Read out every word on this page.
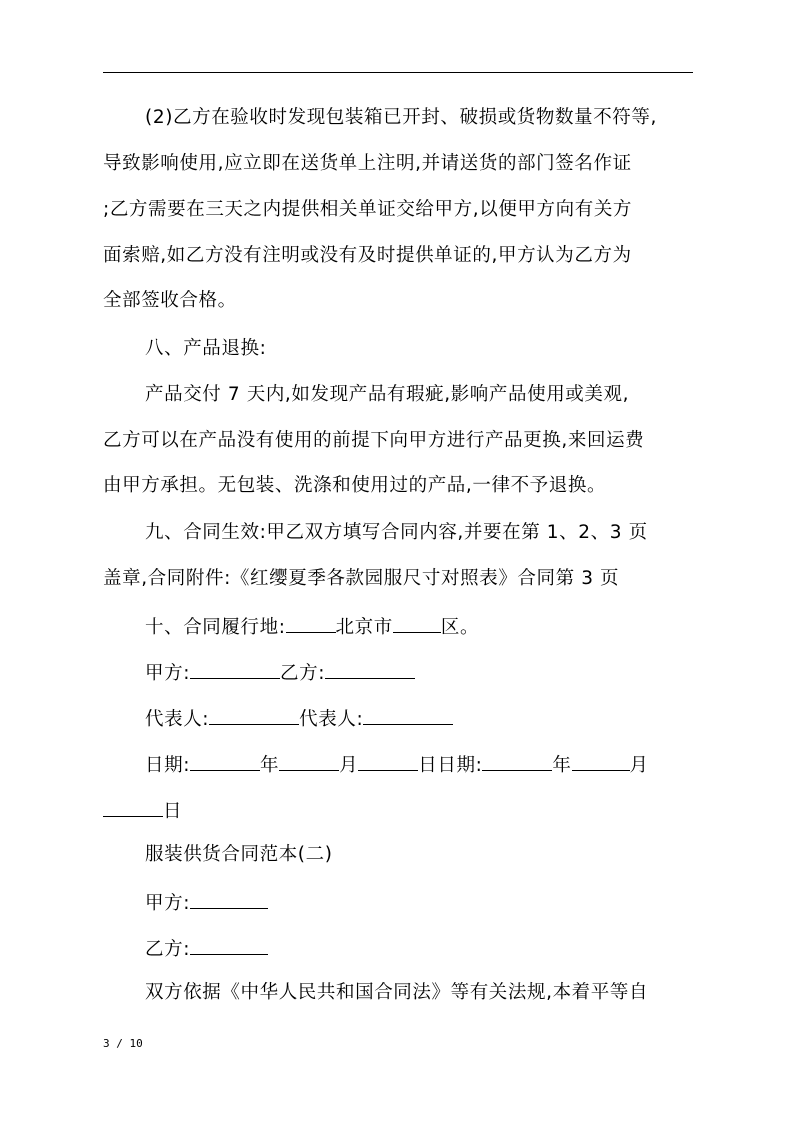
(2)乙方在验收时发现包装箱已开封、破损或货物数量不符等,
导致影响使用,应立即在送货单上注明,并请送货的部门签名作证
;乙方需要在三天之内提供相关单证交给甲方,以便甲方向有关方
面索赔,如乙方没有注明或没有及时提供单证的,甲方认为乙方为
全部签收合格。
八、产品退换:
产品交付 7 天内,如发现产品有瑕疵,影响产品使用或美观,
乙方可以在产品没有使用的前提下向甲方进行产品更换,来回运费
由甲方承担。无包装、洗涤和使用过的产品,一律不予退换。
九、合同生效:甲乙双方填写合同内容,并要在第 1、2、3 页
盖章,合同附件:《红缨夏季各款园服尺寸对照表》合同第 3 页
十、合同履行地:	北京市	区。
甲方:	乙方:
代表人:	代表人:
日期:	年	月	日日期:	年	月
日
服装供货合同范本(二)
甲方:
乙方:
双方依据《中华人民共和国合同法》等有关法规,本着平等自
3 / 10
